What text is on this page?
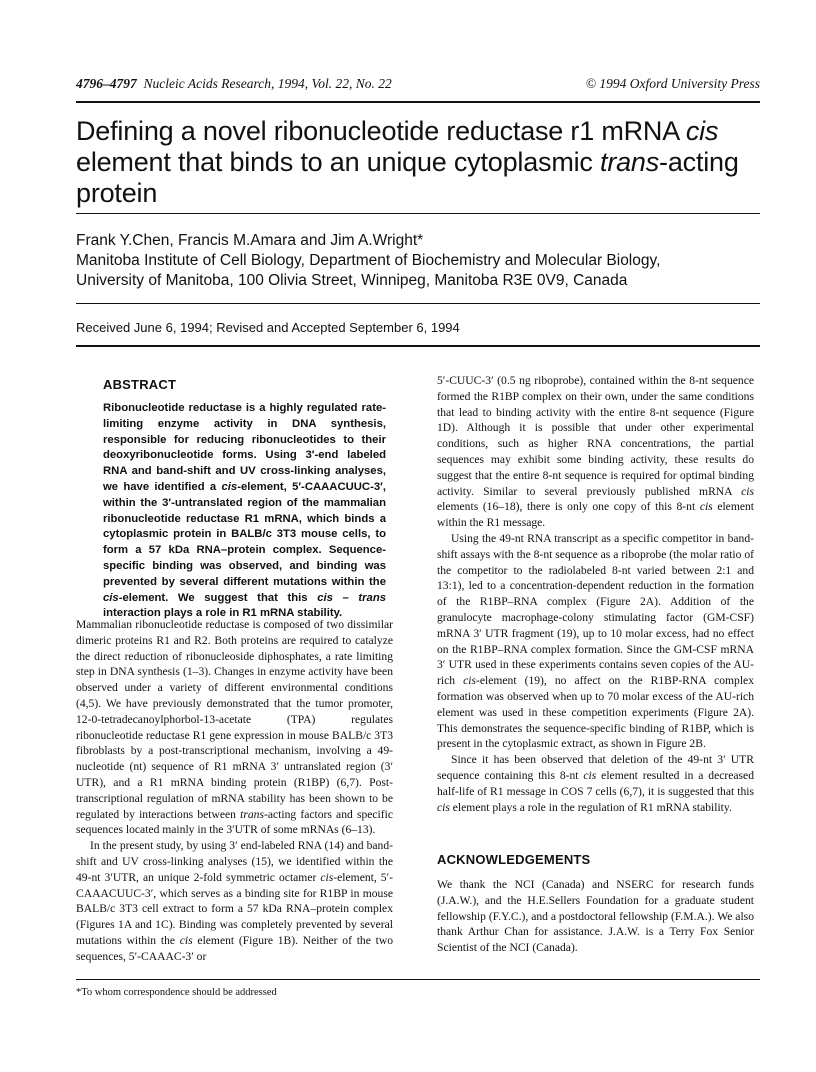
4796–4797 Nucleic Acids Research, 1994, Vol. 22, No. 22	© 1994 Oxford University Press
Defining a novel ribonucleotide reductase r1 mRNA cis element that binds to an unique cytoplasmic trans-acting protein
Frank Y.Chen, Francis M.Amara and Jim A.Wright*
Manitoba Institute of Cell Biology, Department of Biochemistry and Molecular Biology,
University of Manitoba, 100 Olivia Street, Winnipeg, Manitoba R3E 0V9, Canada
Received June 6, 1994; Revised and Accepted September 6, 1994
ABSTRACT

Ribonucleotide reductase is a highly regulated rate-limiting enzyme activity in DNA synthesis, responsible for reducing ribonucleotides to their deoxyribonucleotide forms. Using 3′-end labeled RNA and band-shift and UV cross-linking analyses, we have identified a cis-element, 5′-CAAACUUC-3′, within the 3′-untranslated region of the mammalian ribonucleotide reductase R1 mRNA, which binds a cytoplasmic protein in BALB/c 3T3 mouse cells, to form a 57 kDa RNA–protein complex. Sequence-specific binding was observed, and binding was prevented by several different mutations within the cis-element. We suggest that this cis – trans interaction plays a role in R1 mRNA stability.

Mammalian ribonucleotide reductase is composed of two dissimilar dimeric proteins R1 and R2. Both proteins are required to catalyze the direct reduction of ribonucleoside diphosphates, a rate limiting step in DNA synthesis (1–3). Changes in enzyme activity have been observed under a variety of different environmental conditions (4,5). We have previously demonstrated that the tumor promoter, 12-0-tetradecanoylphorbol-13-acetate (TPA) regulates ribonucleotide reductase R1 gene expression in mouse BALB/c 3T3 fibroblasts by a post-transcriptional mechanism, involving a 49-nucleotide (nt) sequence of R1 mRNA 3′ untranslated region (3′ UTR), and a R1 mRNA binding protein (R1BP) (6,7). Post-transcriptional regulation of mRNA stability has been shown to be regulated by interactions between trans-acting factors and specific sequences located mainly in the 3′UTR of some mRNAs (6–13).

In the present study, by using 3′ end-labeled RNA (14) and band-shift and UV cross-linking analyses (15), we identified within the 49-nt 3′UTR, an unique 2-fold symmetric octamer cis-element, 5′-CAAACUUC-3′, which serves as a binding site for R1BP in mouse BALB/c 3T3 cell extract to form a 57 kDa RNA–protein complex (Figures 1A and 1C). Binding was completely prevented by several mutations within the cis element (Figure 1B). Neither of the two sequences, 5′-CAAAC-3′ or

5′-CUUC-3′ (0.5 ng riboprobe), contained within the 8-nt sequence formed the R1BP complex on their own, under the same conditions that lead to binding activity with the entire 8-nt sequence (Figure 1D). Although it is possible that under other experimental conditions, such as higher RNA concentrations, the partial sequences may exhibit some binding activity, these results do suggest that the entire 8-nt sequence is required for optimal binding activity. Similar to several previously published mRNA cis elements (16–18), there is only one copy of this 8-nt cis element within the R1 message.

Using the 49-nt RNA transcript as a specific competitor in band-shift assays with the 8-nt sequence as a riboprobe (the molar ratio of the competitor to the radiolabeled 8-nt varied between 2:1 and 13:1), led to a concentration-dependent reduction in the formation of the R1BP–RNA complex (Figure 2A). Addition of the granulocyte macrophage-colony stimulating factor (GM-CSF) mRNA 3′ UTR fragment (19), up to 10 molar excess, had no effect on the R1BP–RNA complex formation. Since the GM-CSF mRNA 3′ UTR used in these experiments contains seven copies of the AU-rich cis-element (19), no affect on the R1BP-RNA complex formation was observed when up to 70 molar excess of the AU-rich element was used in these competition experiments (Figure 2A). This demonstrates the sequence-specific binding of R1BP, which is present in the cytoplasmic extract, as shown in Figure 2B.

Since it has been observed that deletion of the 49-nt 3′ UTR sequence containing this 8-nt cis element resulted in a decreased half-life of R1 message in COS 7 cells (6,7), it is suggested that this cis element plays a role in the regulation of R1 mRNA stability.

ACKNOWLEDGEMENTS

We thank the NCI (Canada) and NSERC for research funds (J.A.W.), and the H.E.Sellers Foundation for a graduate student fellowship (F.Y.C.), and a postdoctoral fellowship (F.M.A.). We also thank Arthur Chan for assistance. J.A.W. is a Terry Fox Senior Scientist of the NCI (Canada).

*To whom correspondence should be addressed
